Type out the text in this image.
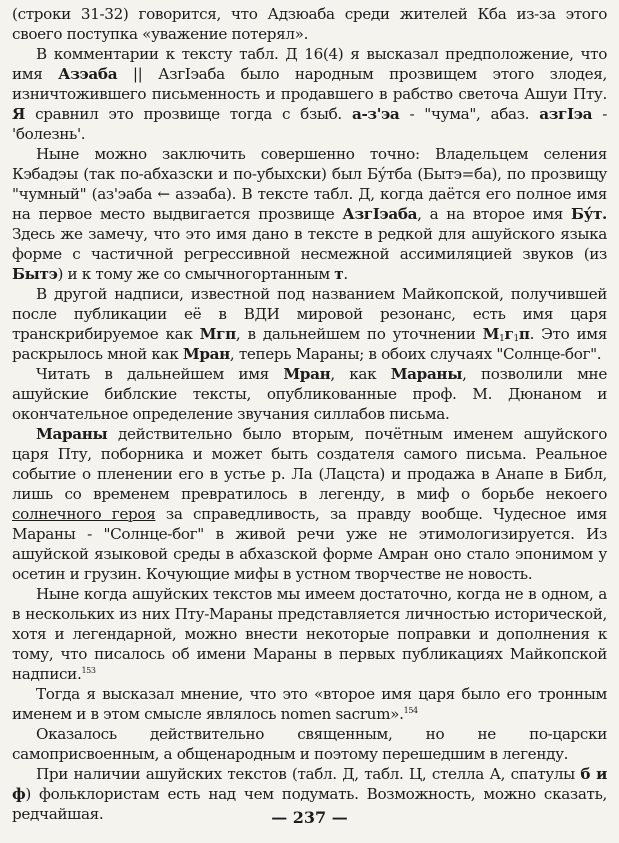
(строки 31-32) говорится, что Адзюаба среди жителей Кба из-за этого своего поступка «уважение потерял».

В комментарии к тексту табл. Д 16(4) я высказал предположение, что имя Азэаба || АзгIэаба было народным прозвищем этого злодея, изничтожившего письменность и продавшего в рабство светоча Ашуи Пту. Я сравнил это прозвище тогда с бзыб. а-з'эа - "чума", абаз. азгIэа -'болезнь'.

Ныне можно заключить совершенно точно: Владельцем селения Кэбадэы (так по-абхазски и по-убыхски) был Бу́тба (Бытэ=ба), по прозвищу "чумный" (аз'эаба ← азэаба). В тексте табл. Д, когда даётся его полное имя на первое место выдвигается прозвище АзгIэаба, а на второе имя Бу́т. Здесь же замечу, что это имя дано в тексте в редкой для ашуйского языка форме с частичной регрессивной несмежной ассимиляцией звуков (из Бытэ) и к тому же со смычногортанным т.

В другой надписи, известной под названием Майкопской, получившей после публикации её в ВДИ мировой резонанс, есть имя царя транскрибируемое как Мгп, в дальнейшем по уточнении $М_1г_1п$. Это имя раскрылось мной как Мран, теперь Мараны; в обоих случаях "Солнце-бог".

Читать в дальнейшем имя Мран, как Мараны, позволили мне ашуйские библские тексты, опубликованные проф. М. Дюнаном и окончательное определение звучания силлабов письма.

Мараны действительно было вторым, почётным именем ашуйского царя Пту, поборника и может быть создателя самого письма. Реальное событие о пленении его в устье р. Ла (Лацста) и продажа в Анапе в Библ, лишь со временем превратилось в легенду, в миф о борьбе некоего солнечного героя за справедливость, за правду вообще. Чудесное имя Мараны - "Солнце-бог" в живой речи уже не этимологизируется. Из ашуйской языковой среды в абхазской форме Амран оно стало эпонимом у осетин и грузин. Кочующие мифы в устном творчестве не новость.

Ныне когда ашуйских текстов мы имеем достаточно, когда не в одном, а в нескольких из них Пту-Мараны представляется личностью исторической, хотя и легендарной, можно внести некоторые поправки и дополнения к тому, что писалось об имени Мараны в первых публикациях Майкопской надписи.$^{153}$

Тогда я высказал мнение, что это «второе имя царя было его тронным именем и в этом смысле являлось nomen sacrum».$^{154}$

Оказалось действительно священным, но не по-царски самоприсвоенным, а общенародным и поэтому перешедшим в легенду.

При наличии ашуйских текстов (табл. Д, табл. Ц, стелла А, спатулы б и ф) фольклористам есть над чем подумать. Возможность, можно сказать, редчайшая.	— 237 —
